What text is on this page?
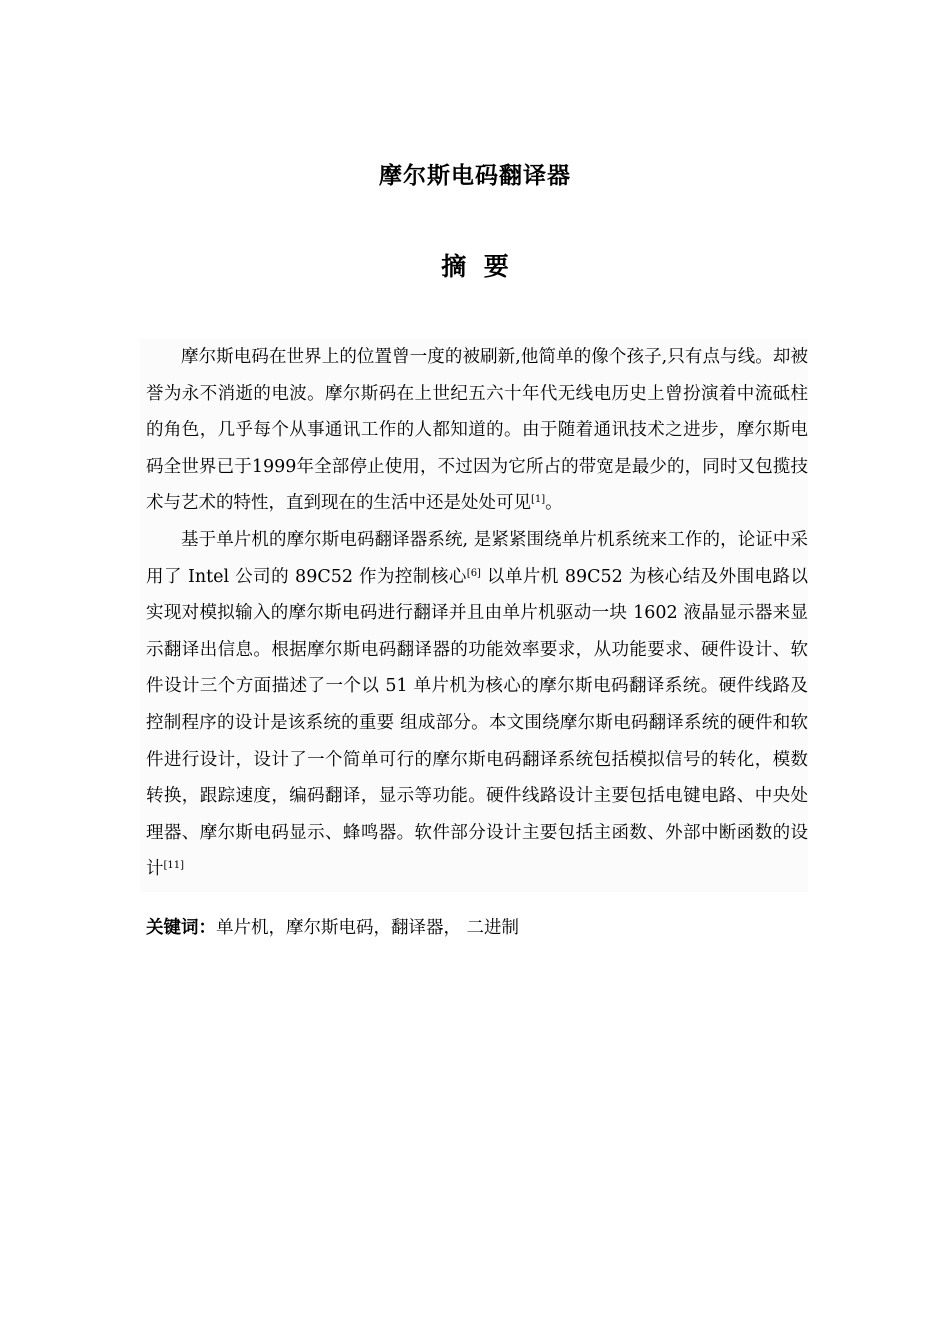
摩尔斯电码翻译器
摘  要

摩尔斯电码在世界上的位置曾一度的被刷新,他简单的像个孩子,只有点与线。却被誉为永不消逝的电波。摩尔斯码在上世纪五六十年代无线电历史上曾扮演着中流砥柱的角色，几乎每个从事通讯工作的人都知道的。由于随着通讯技术之进步，摩尔斯电码全世界已于1999年全部停止使用，不过因为它所占的带宽是最少的，同时又包揽技术与艺术的特性，直到现在的生活中还是处处可见[1]。

基于单片机的摩尔斯电码翻译器系统, 是紧紧围绕单片机系统来工作的，论证中采用了 Intel 公司的 89C52 作为控制核心[6] 以单片机 89C52 为核心结及外围电路以实现对模拟输入的摩尔斯电码进行翻译并且由单片机驱动一块 1602 液晶显示器来显示翻译出信息。根据摩尔斯电码翻译器的功能效率要求，从功能要求、硬件设计、软件设计三个方面描述了一个以 51 单片机为核心的摩尔斯电码翻译系统。硬件线路及控制程序的设计是该系统的重要 组成部分。本文围绕摩尔斯电码翻译系统的硬件和软件进行设计，设计了一个简单可行的摩尔斯电码翻译系统包括模拟信号的转化，模数转换，跟踪速度，编码翻译，显示等功能。硬件线路设计主要包括电键电路、中央处理器、摩尔斯电码显示、蜂鸣器。软件部分设计主要包括主函数、外部中断函数的设计[11]

关键词：单片机，摩尔斯电码，翻译器， 二进制
